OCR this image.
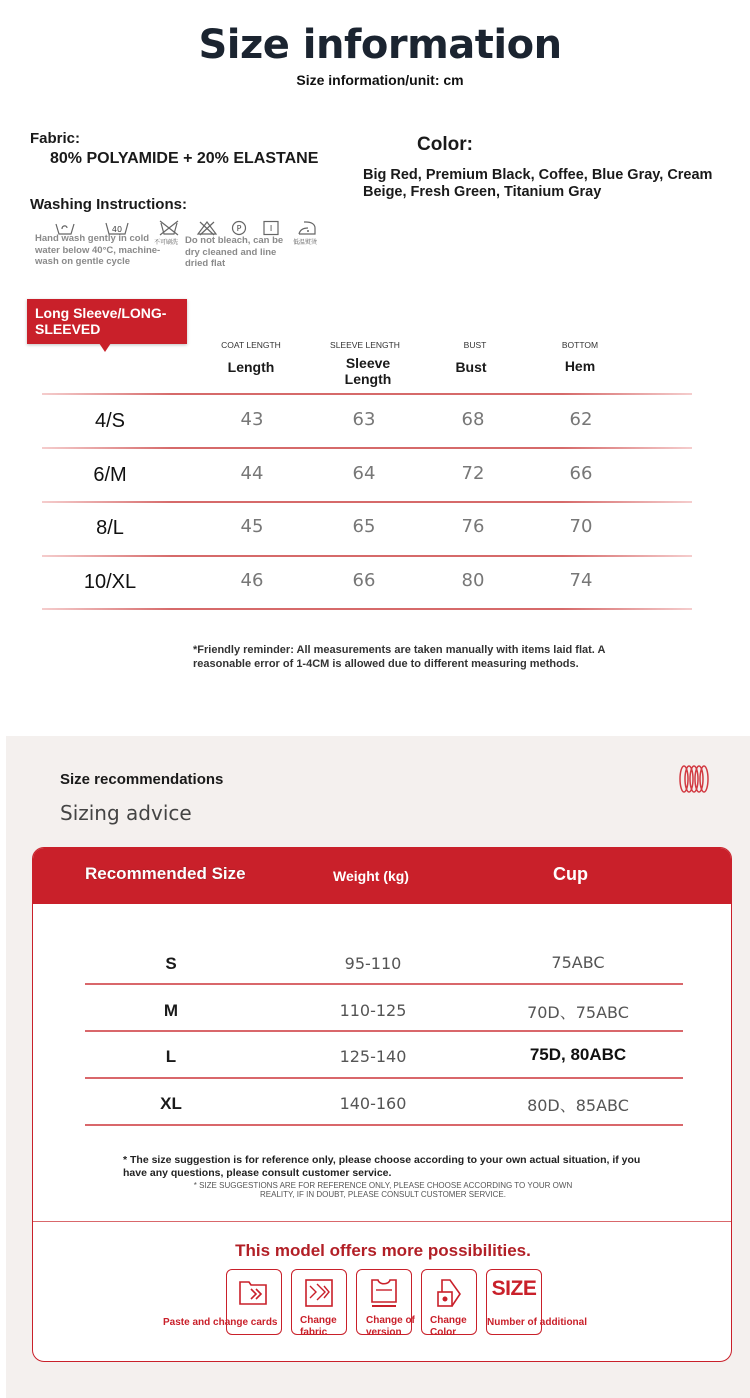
Size information
Size information/unit: cm
Fabric:
80% POLYAMIDE + 20% ELASTANE
Color:
Big Red, Premium Black, Coffee, Blue Gray, Cream Beige, Fresh Green, Titanium Gray
Washing Instructions:
40
不可刷洗
P	I
低温熨烫
Hand wash gently in cold water below 40°C, machine-wash on gentle cycle
Do not bleach, can be dry cleaned and line dried flat
Long Sleeve/LONG-SLEEVED
COAT LENGTH
Length
SLEEVE LENGTH
Sleeve Length
BUST
Bust
BOTTOM
Hem
4/S	43	63	68	62
6/M	44	64	72	66
8/L	45	65	76	70
10/XL	46	66	80	74
*Friendly reminder: All measurements are taken manually with items laid flat. A reasonable error of 1-4CM is allowed due to different measuring methods.
Size recommendations
Sizing advice
Recommended Size	Weight (kg)	Cup
S	95-110	75ABC
M	110-125	70D、75ABC
L	125-140	75D, 80ABC
XL	140-160	80D、85ABC
* The size suggestion is for reference only, please choose according to your own actual situation, if you have any questions, please consult customer service.
* SIZE SUGGESTIONS ARE FOR REFERENCE ONLY, PLEASE CHOOSE ACCORDING TO YOUR OWN REALITY, IF IN DOUBT, PLEASE CONSULT CUSTOMER SERVICE.
This model offers more possibilities.
Paste and change cards	Change fabric
Change of version
Change Color
SIZE
Number of additional
